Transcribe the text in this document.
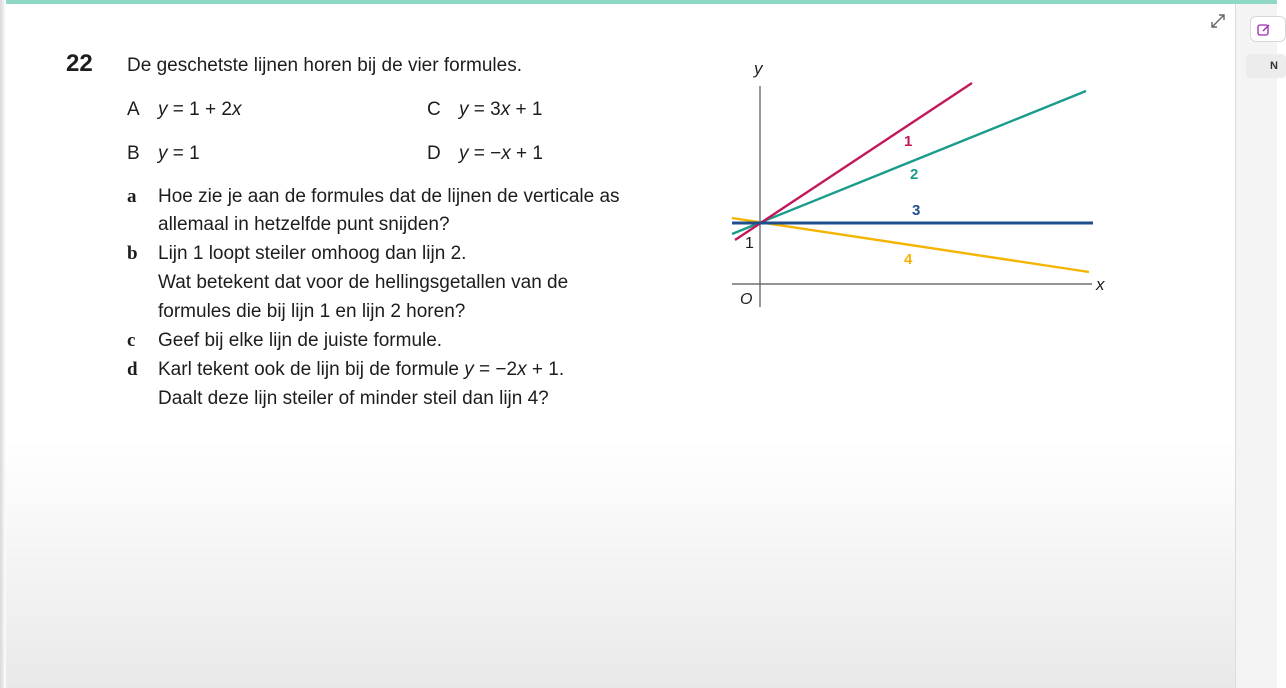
N
22 De geschetste lijnen horen bij de vier formules.
A y = 1 + 2x	C y = 3x + 1
B y = 1	D y = −x + 1
a Hoe zie je aan de formules dat de lijnen de verticale as
allemaal in hetzelfde punt snijden?
b Lijn 1 loopt steiler omhoog dan lijn 2.
Wat betekent dat voor de hellingsgetallen van de
formules die bij lijn 1 en lijn 2 horen?
c Geef bij elke lijn de juiste formule.
d Karl tekent ook de lijn bij de formule y = −2x + 1.
Daalt deze lijn steiler of minder steil dan lijn 4?
y
x
O
1
1
2
3
4
